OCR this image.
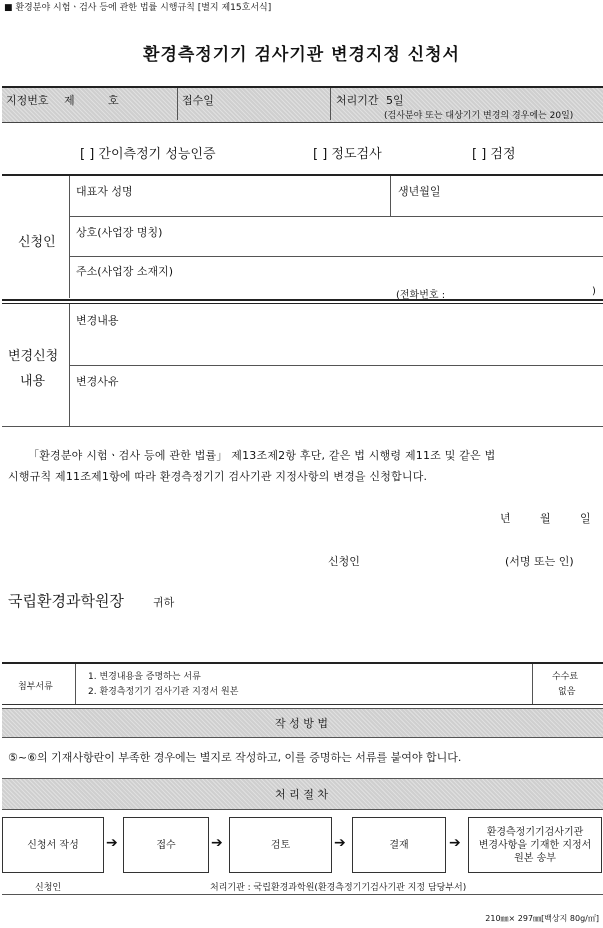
■ 환경분야 시험ㆍ검사 등에 관한 법률 시행규칙 [별지 제15호서식]
환경측정기기 검사기관 변경지정 신청서
지정번호 제	호	접수일	처리기간 5일
(검사분야 또는 대상기기 변경의 경우에는 20일)
[ ] 간이측정기 성능인증	[ ] 정도검사	[ ] 검정
신청인
대표자 성명	생년월일
상호(사업장 명칭)
주소(사업장 소재지)
(전화번호 :	)
변경신청
내용
변경내용
변경사유
「환경분야 시험ㆍ검사 등에 관한 법률」 제13조제2항 후단, 같은 법 시행령 제11조 및 같은 법
시행규칙 제11조제1항에 따라 환경측정기기 검사기관 지정사항의 변경을 신청합니다.
년	월	일
신청인	(서명 또는 인)
국립환경과학원장	귀하
첨부서류
1. 변경내용을 증명하는 서류
2. 환경측정기기 검사기관 지정서 원본
수수료
없음
작 성 방 법
⑤~⑥의 기재사항란이 부족한 경우에는 별지로 작성하고, 이를 증명하는 서류를 붙여야 합니다.
처 리 절 차
신청서 작성 ➔	접수	➔	검토	➔	결재	➔
환경측정기기검사기관
변경사항을 기재한 지정서
원본 송부
신청인	처리기관 : 국립환경과학원(환경측정기기검사기관 지정 담당부서)
210㎜× 297㎜[백상지 80g/㎡]
